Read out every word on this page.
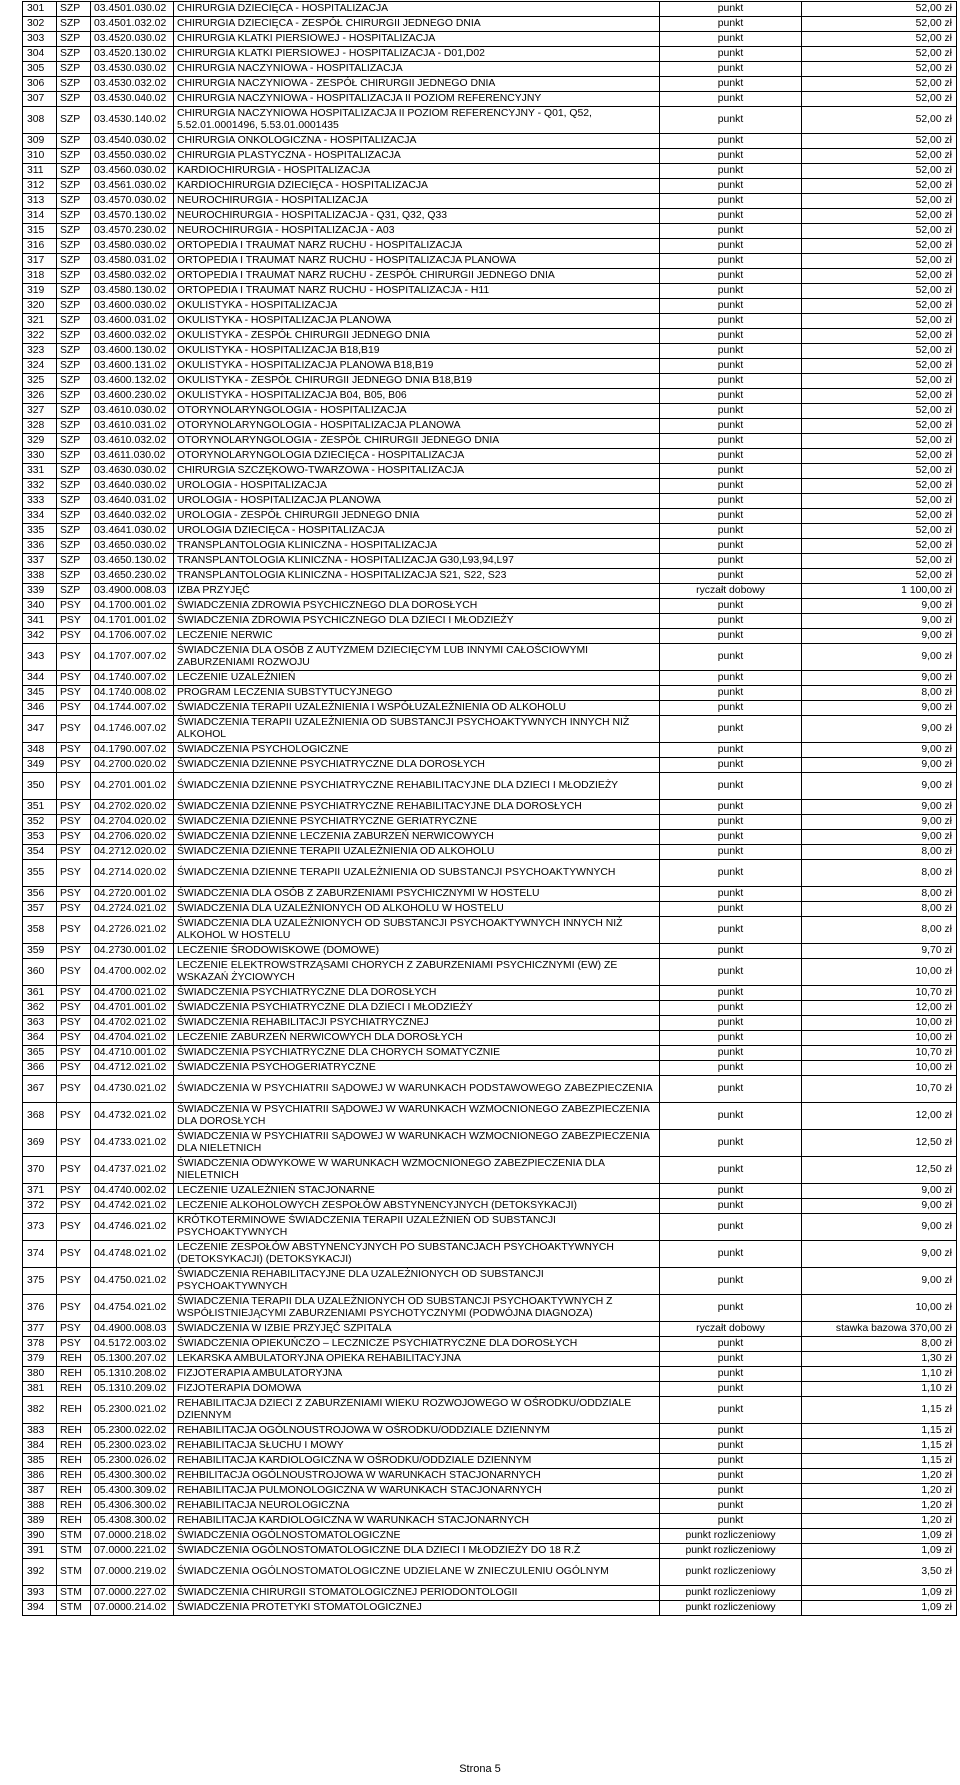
301	SZP	03.4501.030.02	CHIRURGIA DZIECIĘCA - HOSPITALIZACJA	punkt	52,00 zł
302	SZP	03.4501.032.02	CHIRURGIA DZIECIĘCA - ZESPÓŁ CHIRURGII JEDNEGO DNIA	punkt	52,00 zł
303	SZP	03.4520.030.02	CHIRURGIA KLATKI PIERSIOWEJ - HOSPITALIZACJA	punkt	52,00 zł
304	SZP	03.4520.130.02	CHIRURGIA KLATKI PIERSIOWEJ - HOSPITALIZACJA - D01,D02	punkt	52,00 zł
305	SZP	03.4530.030.02	CHIRURGIA NACZYNIOWA - HOSPITALIZACJA	punkt	52,00 zł
306	SZP	03.4530.032.02	CHIRURGIA NACZYNIOWA - ZESPÓŁ CHIRURGII JEDNEGO DNIA	punkt	52,00 zł
307	SZP	03.4530.040.02	CHIRURGIA NACZYNIOWA - HOSPITALIZACJA II POZIOM REFERENCYJNY	punkt	52,00 zł
308	SZP	03.4530.140.02	CHIRURGIA NACZYNIOWA HOSPITALIZACJA II POZIOM REFERENCYJNY - Q01, Q52, 5.52.01.0001496, 5.53.01.0001435	punkt	52,00 zł
309	SZP	03.4540.030.02	CHIRURGIA ONKOLOGICZNA - HOSPITALIZACJA	punkt	52,00 zł
310	SZP	03.4550.030.02	CHIRURGIA PLASTYCZNA - HOSPITALIZACJA	punkt	52,00 zł
311	SZP	03.4560.030.02	KARDIOCHIRURGIA - HOSPITALIZACJA	punkt	52,00 zł
312	SZP	03.4561.030.02	KARDIOCHIRURGIA DZIECIĘCA - HOSPITALIZACJA	punkt	52,00 zł
313	SZP	03.4570.030.02	NEUROCHIRURGIA - HOSPITALIZACJA	punkt	52,00 zł
314	SZP	03.4570.130.02	NEUROCHIRURGIA - HOSPITALIZACJA - Q31, Q32, Q33	punkt	52,00 zł
315	SZP	03.4570.230.02	NEUROCHIRURGIA - HOSPITALIZACJA - A03	punkt	52,00 zł
316	SZP	03.4580.030.02	ORTOPEDIA I TRAUMAT NARZ RUCHU - HOSPITALIZACJA	punkt	52,00 zł
317	SZP	03.4580.031.02	ORTOPEDIA I TRAUMAT NARZ RUCHU - HOSPITALIZACJA PLANOWA	punkt	52,00 zł
318	SZP	03.4580.032.02	ORTOPEDIA I TRAUMAT NARZ RUCHU - ZESPÓŁ CHIRURGII JEDNEGO DNIA	punkt	52,00 zł
319	SZP	03.4580.130.02	ORTOPEDIA I TRAUMAT NARZ RUCHU - HOSPITALIZACJA - H11	punkt	52,00 zł
320	SZP	03.4600.030.02	OKULISTYKA - HOSPITALIZACJA	punkt	52,00 zł
321	SZP	03.4600.031.02	OKULISTYKA - HOSPITALIZACJA PLANOWA	punkt	52,00 zł
322	SZP	03.4600.032.02	OKULISTYKA - ZESPÓŁ CHIRURGII JEDNEGO DNIA	punkt	52,00 zł
323	SZP	03.4600.130.02	OKULISTYKA - HOSPITALIZACJA B18,B19	punkt	52,00 zł
324	SZP	03.4600.131.02	OKULISTYKA - HOSPITALIZACJA PLANOWA B18,B19	punkt	52,00 zł
325	SZP	03.4600.132.02	OKULISTYKA - ZESPÓŁ CHIRURGII JEDNEGO DNIA B18,B19	punkt	52,00 zł
326	SZP	03.4600.230.02	OKULISTYKA - HOSPITALIZACJA B04, B05, B06	punkt	52,00 zł
327	SZP	03.4610.030.02	OTORYNOLARYNGOLOGIA - HOSPITALIZACJA	punkt	52,00 zł
328	SZP	03.4610.031.02	OTORYNOLARYNGOLOGIA - HOSPITALIZACJA PLANOWA	punkt	52,00 zł
329	SZP	03.4610.032.02	OTORYNOLARYNGOLOGIA - ZESPÓŁ CHIRURGII JEDNEGO DNIA	punkt	52,00 zł
330	SZP	03.4611.030.02	OTORYNOLARYNGOLOGIA DZIECIĘCA - HOSPITALIZACJA	punkt	52,00 zł
331	SZP	03.4630.030.02	CHIRURGIA SZCZĘKOWO-TWARZOWA - HOSPITALIZACJA	punkt	52,00 zł
332	SZP	03.4640.030.02	UROLOGIA - HOSPITALIZACJA	punkt	52,00 zł
333	SZP	03.4640.031.02	UROLOGIA - HOSPITALIZACJA PLANOWA	punkt	52,00 zł
334	SZP	03.4640.032.02	UROLOGIA - ZESPÓŁ CHIRURGII JEDNEGO DNIA	punkt	52,00 zł
335	SZP	03.4641.030.02	UROLOGIA DZIECIĘCA - HOSPITALIZACJA	punkt	52,00 zł
336	SZP	03.4650.030.02	TRANSPLANTOLOGIA KLINICZNA - HOSPITALIZACJA	punkt	52,00 zł
337	SZP	03.4650.130.02	TRANSPLANTOLOGIA KLINICZNA - HOSPITALIZACJA G30,L93,94,L97	punkt	52,00 zł
338	SZP	03.4650.230.02	TRANSPLANTOLOGIA KLINICZNA - HOSPITALIZACJA S21, S22, S23	punkt	52,00 zł
339	SZP	03.4900.008.03	IZBA PRZYJĘĆ	ryczałt dobowy	1 100,00 zł
340	PSY	04.1700.001.02	ŚWIADCZENIA ZDROWIA PSYCHICZNEGO DLA DOROSŁYCH	punkt	9,00 zł
341	PSY	04.1701.001.02	ŚWIADCZENIA ZDROWIA PSYCHICZNEGO DLA DZIECI I MŁODZIEŻY	punkt	9,00 zł
342	PSY	04.1706.007.02	LECZENIE NERWIC	punkt	9,00 zł
343	PSY	04.1707.007.02	ŚWIADCZENIA DLA OSÓB Z AUTYZMEM DZIECIĘCYM LUB INNYMI CAŁOŚCIOWYMI ZABURZENIAMI ROZWOJU	punkt	9,00 zł
344	PSY	04.1740.007.02	LECZENIE UZALEŻNIEŃ	punkt	9,00 zł
345	PSY	04.1740.008.02	PROGRAM LECZENIA SUBSTYTUCYJNEGO	punkt	8,00 zł
346	PSY	04.1744.007.02	ŚWIADCZENIA TERAPII UZALEŻNIENIA I WSPÓŁUZALEŻNIENIA OD ALKOHOLU	punkt	9,00 zł
347	PSY	04.1746.007.02	ŚWIADCZENIA TERAPII UZALEŻNIENIA OD SUBSTANCJI PSYCHOAKTYWNYCH INNYCH NIŻ ALKOHOL	punkt	9,00 zł
348	PSY	04.1790.007.02	ŚWIADCZENIA PSYCHOLOGICZNE	punkt	9,00 zł
349	PSY	04.2700.020.02	ŚWIADCZENIA DZIENNE PSYCHIATRYCZNE DLA DOROSŁYCH	punkt	9,00 zł
350	PSY	04.2701.001.02	ŚWIADCZENIA DZIENNE PSYCHIATRYCZNE REHABILITACYJNE DLA DZIECI I MŁODZIEŻY	punkt	9,00 zł
351	PSY	04.2702.020.02	ŚWIADCZENIA DZIENNE PSYCHIATRYCZNE REHABILITACYJNE DLA DOROSŁYCH	punkt	9,00 zł
352	PSY	04.2704.020.02	ŚWIADCZENIA DZIENNE PSYCHIATRYCZNE GERIATRYCZNE	punkt	9,00 zł
353	PSY	04.2706.020.02	ŚWIADCZENIA DZIENNE LECZENIA ZABURZEŃ NERWICOWYCH	punkt	9,00 zł
354	PSY	04.2712.020.02	ŚWIADCZENIA DZIENNE TERAPII UZALEŻNIENIA OD ALKOHOLU	punkt	8,00 zł
355	PSY	04.2714.020.02	ŚWIADCZENIA DZIENNE TERAPII UZALEŻNIENIA OD SUBSTANCJI PSYCHOAKTYWNYCH	punkt	8,00 zł
356	PSY	04.2720.001.02	ŚWIADCZENIA DLA OSÓB Z ZABURZENIAMI PSYCHICZNYMI W HOSTELU	punkt	8,00 zł
357	PSY	04.2724.021.02	ŚWIADCZENIA DLA UZALEŻNIONYCH OD ALKOHOLU W HOSTELU	punkt	8,00 zł
358	PSY	04.2726.021.02	ŚWIADCZENIA DLA UZALEŻNIONYCH OD SUBSTANCJI PSYCHOAKTYWNYCH INNYCH NIŻ ALKOHOL W HOSTELU	punkt	8,00 zł
359	PSY	04.2730.001.02	LECZENIE ŚRODOWISKOWE (DOMOWE)	punkt	9,70 zł
360	PSY	04.4700.002.02	LECZENIE ELEKTROWSTRZĄSAMI CHORYCH Z ZABURZENIAMI PSYCHICZNYMI (EW) ZE WSKAZAŃ ŻYCIOWYCH	punkt	10,00 zł
361	PSY	04.4700.021.02	ŚWIADCZENIA PSYCHIATRYCZNE DLA DOROSŁYCH	punkt	10,70 zł
362	PSY	04.4701.001.02	ŚWIADCZENIA PSYCHIATRYCZNE DLA DZIECI I MŁODZIEŻY	punkt	12,00 zł
363	PSY	04.4702.021.02	ŚWIADCZENIA REHABILITACJI PSYCHIATRYCZNEJ	punkt	10,00 zł
364	PSY	04.4704.021.02	LECZENIE ZABURZEŃ NERWICOWYCH DLA DOROSŁYCH	punkt	10,00 zł
365	PSY	04.4710.001.02	ŚWIADCZENIA PSYCHIATRYCZNE DLA CHORYCH SOMATYCZNIE	punkt	10,70 zł
366	PSY	04.4712.021.02	ŚWIADCZENIA PSYCHOGERIATRYCZNE	punkt	10,00 zł
367	PSY	04.4730.021.02	ŚWIADCZENIA W PSYCHIATRII SĄDOWEJ W WARUNKACH PODSTAWOWEGO ZABEZPIECZENIA	punkt	10,70 zł
368	PSY	04.4732.021.02	ŚWIADCZENIA W PSYCHIATRII SĄDOWEJ W WARUNKACH WZMOCNIONEGO ZABEZPIECZENIA DLA DOROSŁYCH	punkt	12,00 zł
369	PSY	04.4733.021.02	ŚWIADCZENIA W PSYCHIATRII SĄDOWEJ W WARUNKACH WZMOCNIONEGO ZABEZPIECZENIA DLA NIELETNICH	punkt	12,50 zł
370	PSY	04.4737.021.02	ŚWIADCZENIA ODWYKOWE W WARUNKACH WZMOCNIONEGO ZABEZPIECZENIA DLA NIELETNICH	punkt	12,50 zł
371	PSY	04.4740.002.02	LECZENIE UZALEŻNIEŃ STACJONARNE	punkt	9,00 zł
372	PSY	04.4742.021.02	LECZENIE ALKOHOLOWYCH ZESPOŁÓW ABSTYNENCYJNYCH (DETOKSYKACJI)	punkt	9,00 zł
373	PSY	04.4746.021.02	KRÓTKOTERMINOWE ŚWIADCZENIA TERAPII UZALEŻNIEŃ OD SUBSTANCJI PSYCHOAKTYWNYCH	punkt	9,00 zł
374	PSY	04.4748.021.02	LECZENIE ZESPOŁÓW ABSTYNENCYJNYCH PO SUBSTANCJACH PSYCHOAKTYWNYCH (DETOKSYKACJI) (DETOKSYKACJI)	punkt	9,00 zł
375	PSY	04.4750.021.02	ŚWIADCZENIA REHABILITACYJNE DLA UZALEŻNIONYCH OD SUBSTANCJI PSYCHOAKTYWNYCH	punkt	9,00 zł
376	PSY	04.4754.021.02	ŚWIADCZENIA TERAPII DLA UZALEŻNIONYCH OD SUBSTANCJI PSYCHOAKTYWNYCH Z WSPÓŁISTNIEJĄCYMI ZABURZENIAMI PSYCHOTYCZNYMI (PODWÓJNA DIAGNOZA)	punkt	10,00 zł
377	PSY	04.4900.008.03	ŚWIADCZENIA W IZBIE PRZYJĘĆ SZPITALA	ryczałt dobowy	stawka bazowa 370,00 zł
378	PSY	04.5172.003.02	ŚWIADCZENIA OPIEKUŃCZO – LECZNICZE PSYCHIATRYCZNE DLA DOROSŁYCH	punkt	8,00 zł
379	REH	05.1300.207.02	LEKARSKA AMBULATORYJNA OPIEKA REHABILITACYJNA	punkt	1,30 zł
380	REH	05.1310.208.02	FIZJOTERAPIA AMBULATORYJNA	punkt	1,10 zł
381	REH	05.1310.209.02	FIZJOTERAPIA DOMOWA	punkt	1,10 zł
382	REH	05.2300.021.02	REHABILITACJA DZIECI Z ZABURZENIAMI WIEKU ROZWOJOWEGO W OŚRODKU/ODDZIALE DZIENNYM	punkt	1,15 zł
383	REH	05.2300.022.02	REHABILITACJA OGÓLNOUSTROJOWA W OŚRODKU/ODDZIALE DZIENNYM	punkt	1,15 zł
384	REH	05.2300.023.02	REHABILITACJA SŁUCHU I MOWY	punkt	1,15 zł
385	REH	05.2300.026.02	REHABILITACJA KARDIOLOGICZNA W OŚRODKU/ODDZIALE DZIENNYM	punkt	1,15 zł
386	REH	05.4300.300.02	REHBILITACJA OGÓLNOUSTROJOWA W WARUNKACH STACJONARNYCH	punkt	1,20 zł
387	REH	05.4300.309.02	REHABILITACJA PULMONOLOGICZNA W WARUNKACH STACJONARNYCH	punkt	1,20 zł
388	REH	05.4306.300.02	REHABILITACJA NEUROLOGICZNA	punkt	1,20 zł
389	REH	05.4308.300.02	REHABILITACJA KARDIOLOGICZNA W WARUNKACH STACJONARNYCH	punkt	1,20 zł
390	STM	07.0000.218.02	ŚWIADCZENIA OGÓLNOSTOMATOLOGICZNE	punkt rozliczeniowy	1,09 zł
391	STM	07.0000.221.02	ŚWIADCZENIA OGÓLNOSTOMATOLOGICZNE DLA DZIECI I MŁODZIEŻY DO 18 R.Ż	punkt rozliczeniowy	1,09 zł
392	STM	07.0000.219.02	ŚWIADCZENIA OGÓLNOSTOMATOLOGICZNE UDZIELANE W ZNIECZULENIU OGÓLNYM	punkt rozliczeniowy	3,50 zł
393	STM	07.0000.227.02	ŚWIADCZENIA CHIRURGII STOMATOLOGICZNEJ PERIODONTOLOGII	punkt rozliczeniowy	1,09 zł
394	STM	07.0000.214.02	ŚWIADCZENIA PROTETYKI STOMATOLOGICZNEJ	punkt rozliczeniowy	1,09 zł
Strona 5
